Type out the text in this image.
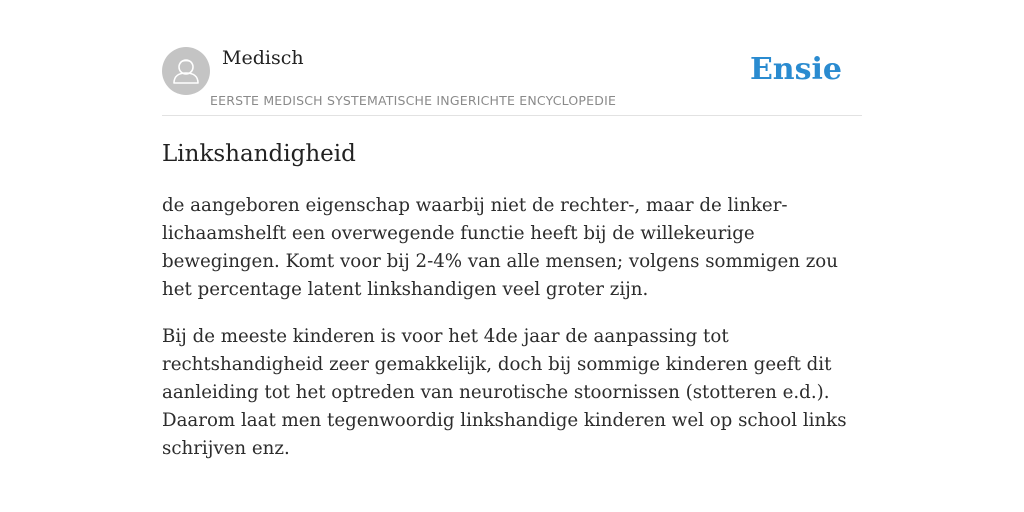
Medisch
EERSTE MEDISCH SYSTEMATISCHE INGERICHTE ENCYCLOPEDIE
Ensie
Linkshandigheid

de aangeboren eigenschap waarbij niet de rechter-, maar de linker-lichaamshelft een overwegende functie heeft bij de willekeurige bewegingen. Komt voor bij 2-4% van alle mensen; volgens sommigen zou het percentage latent linkshandigen veel groter zijn.

Bij de meeste kinderen is voor het 4de jaar de aanpassing tot rechtshandigheid zeer gemakkelijk, doch bij sommige kinderen geeft dit aanleiding tot het optreden van neurotische stoornissen (stotteren e.d.). Daarom laat men tegenwoordig linkshandige kinderen wel op school links schrijven enz.
